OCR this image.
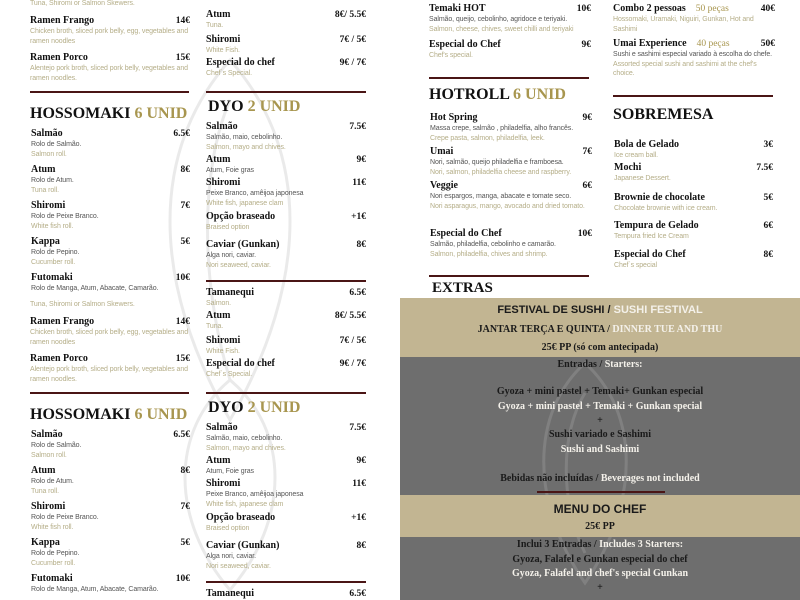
Tuna, Shiromi or Salmon Skewers.
Ramen Frango	14€
Chicken broth, sliced pork belly, egg, vegetables and ramen noodles
Ramen Porco	15€
Alentejo pork broth, sliced pork belly, vegetables and ramen noodles.
HOSSOMAKI 6 UNID
Salmão	6.5€
Rolo de Salmão.
Salmon roll.
Atum	8€
Rolo de Atum.
Tuna roll.
Shiromi	7€
Rolo de Peixe Branco.
White fish roll.
Kappa	5€
Rolo de Pepino.
Cucumber roll.
Futomaki	10€
Rolo de Manga, Atum, Abacate, Camarão.
Atum	8€/ 5.5€
Tuna.
Shiromi	7€ / 5€
White Fish.
Especial do chef	9€ / 7€
Chef´s Special.
DYO 2 UNID
Salmão	7.5€
Salmão, maio, cebolinho.
Salmon, mayo and chives.
Atum	9€
Atum, Foie gras
Shiromi	11€
Peixe Branco, amêijoa japonesa
White fish, japanese clam
Opção braseado	+1€
Braised option
Caviar (Gunkan)	8€
Alga nori, caviar.
Nori seaweed, caviar.
Tamanequi	6.5€
Salmon.
Tuna, Shiromi or Salmon Skewers.
Ramen Frango	14€
Chicken broth, sliced pork belly, egg, vegetables and ramen noodles
Ramen Porco	15€
Alentejo pork broth, sliced pork belly, vegetables and ramen noodles.
HOSSOMAKI 6 UNID
Salmão	6.5€
Rolo de Salmão.
Salmon roll.
Atum	8€
Rolo de Atum.
Tuna roll.
Shiromi	7€
Rolo de Peixe Branco.
White fish roll.
Kappa	5€
Rolo de Pepino.
Cucumber roll.
Futomaki	10€
Rolo de Manga, Atum, Abacate, Camarão.
Atum	8€/ 5.5€
Tuna.
Shiromi	7€ / 5€
White Fish.
Especial do chef	9€ / 7€
Chef´s Special.
DYO 2 UNID
Salmão	7.5€
Salmão, maio, cebolinho.
Salmon, mayo and chives.
Atum	9€
Atum, Foie gras
Shiromi	11€
Peixe Branco, amêijoa japonesa
White fish, japanese clam
Opção braseado	+1€
Braised option
Caviar (Gunkan)	8€
Alga nori, caviar.
Nori seaweed, caviar.
Tamanequi	6.5€
Temaki HOT	10€
Salmão, queijo, cebolinho, agridoce e teriyaki.
Salmon, cheese, chives, sweet chilli and teriyaki
Especial do Chef	9€
Chef's special.
HOTROLL 6 UNID
Hot Spring	9€
Massa crepe, salmão , philadelfia, alho francês.
Crepe pasta, salmon, philadelfia, leek.
Umai	7€
Nori, salmão, queijo philadelfia e framboesa.
Nori, salmon, philadelfia cheese and raspberry.
Veggie	6€
Nori espargos, manga, abacate e tomate seco.
Nori asparagus, mango, avocado and dried tomato.
Especial do Chef	10€
Salmão, philadelfia, cebolinho e camarão.
Salmon, philadelfia, chives and shrimp.
EXTRAS
Combo 2 pessoas 50 peças	40€
Hossomaki, Uramaki, Niguiri, Gunkan, Hot and Sashimi
Umai Experience 40 peças	50€
Sushi e sashimi especial variado à escolha do chefe.
Assorted special sushi and sashimi at the chef's choice.
SOBREMESA
Bola de Gelado	3€
Ice cream ball.
Mochi	7.5€
Japanese Dessert.
Brownie de chocolate	5€
Chocolate brownie with ice cream.
Tempura de Gelado	6€
Tempura fried Ice Cream
Especial do Chef	8€
Chef´s special
FESTIVAL DE SUSHI / SUSHI FESTIVAL
JANTAR TERÇA E QUINTA / DINNER TUE AND THU
25€ PP (só com antecipada)
Entradas / Starters:
Gyoza + mini pastel + Temaki+ Gunkan especial
Gyoza + mini pastel + Temaki + Gunkan special
+
Sushi variado e Sashimi
Sushi and Sashimi
Bebidas não incluídas / Beverages not included
MENU DO CHEF
25€ PP
Inclui 3 Entradas / Includes 3 Starters:
Gyoza, Falafel e Gunkan especial do chef
Gyoza, Falafel and chef's special Gunkan
+
